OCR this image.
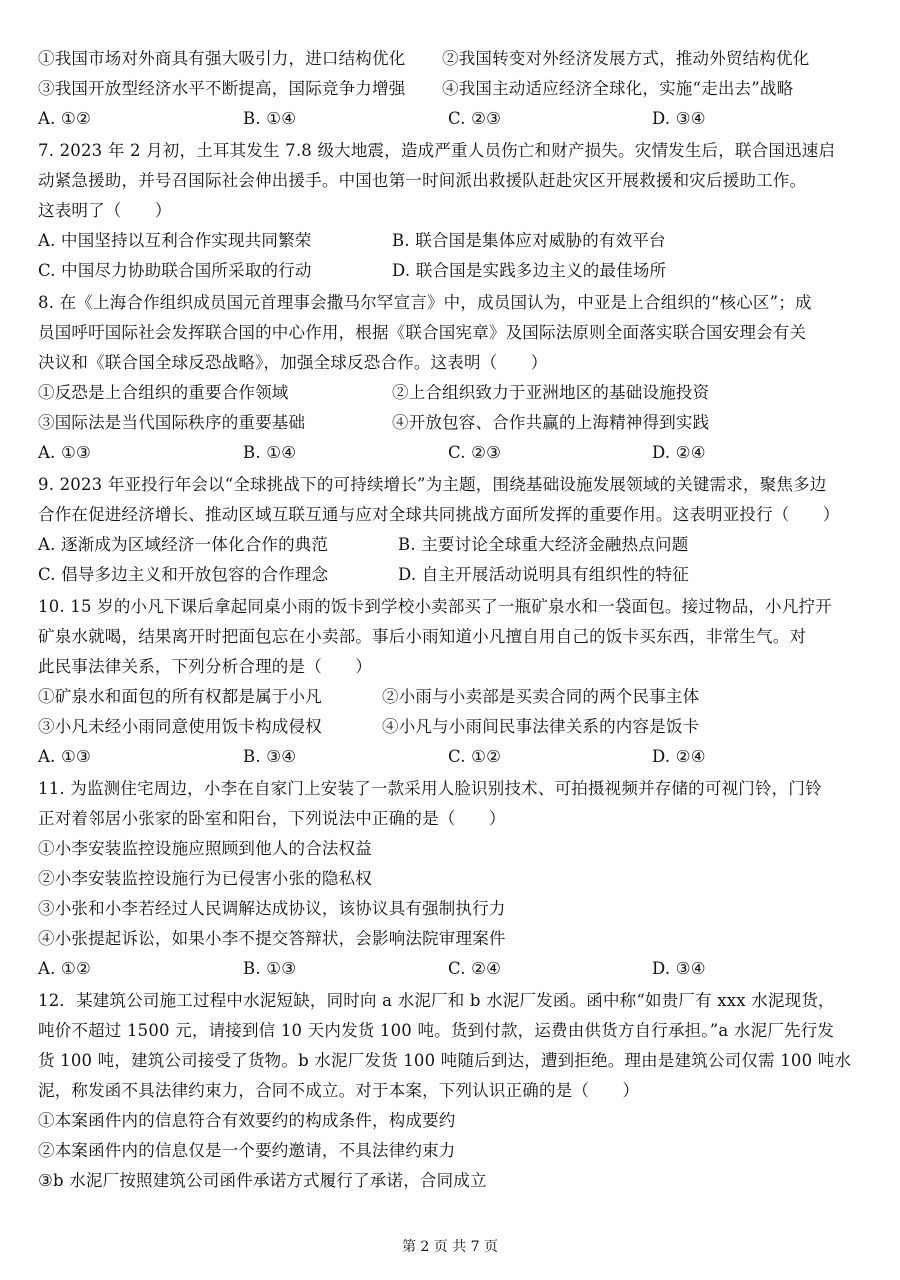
①我国市场对外商具有强大吸引力，进口结构优化 ②我国转变对外经济发展方式，推动外贸结构优化
③我国开放型经济水平不断提高，国际竞争力增强 ④我国主动适应经济全球化，实施“走出去”战略
A. ①②	B. ①④	C. ②③	D. ③④
7. 2023 年 2 月初，土耳其发生 7.8 级大地震，造成严重人员伤亡和财产损失。灾情发生后，联合国迅速启
动紧急援助，并号召国际社会伸出援手。中国也第一时间派出救援队赶赴灾区开展救援和灾后援助工作。
这表明了（　　）
A. 中国坚持以互利合作实现共同繁荣	B. 联合国是集体应对威胁的有效平台
C. 中国尽力协助联合国所采取的行动	D. 联合国是实践多边主义的最佳场所
8. 在《上海合作组织成员国元首理事会撒马尔罕宣言》中，成员国认为，中亚是上合组织的“核心区”；成
员国呼吁国际社会发挥联合国的中心作用，根据《联合国宪章》及国际法原则全面落实联合国安理会有关
决议和《联合国全球反恐战略》，加强全球反恐合作。这表明（　　）
①反恐是上合组织的重要合作领域	②上合组织致力于亚洲地区的基础设施投资
③国际法是当代国际秩序的重要基础	④开放包容、合作共赢的上海精神得到实践
A. ①③	B. ①④	C. ②③	D. ②④
9. 2023 年亚投行年会以“全球挑战下的可持续增长”为主题，围绕基础设施发展领域的关键需求，聚焦多边
合作在促进经济增长、推动区域互联互通与应对全球共同挑战方面所发挥的重要作用。这表明亚投行（　　）
A. 逐渐成为区域经济一体化合作的典范	B. 主要讨论全球重大经济金融热点问题
C. 倡导多边主义和开放包容的合作理念	D. 自主开展活动说明具有组织性的特征
10. 15 岁的小凡下课后拿起同桌小雨的饭卡到学校小卖部买了一瓶矿泉水和一袋面包。接过物品，小凡拧开
矿泉水就喝，结果离开时把面包忘在小卖部。事后小雨知道小凡擅自用自己的饭卡买东西，非常生气。对
此民事法律关系，下列分析合理的是（　　）
①矿泉水和面包的所有权都是属于小凡	②小雨与小卖部是买卖合同的两个民事主体
③小凡未经小雨同意使用饭卡构成侵权	④小凡与小雨间民事法律关系的内容是饭卡
A. ①③	B. ③④	C. ①②	D. ②④
11. 为监测住宅周边，小李在自家门上安装了一款采用人脸识别技术、可拍摄视频并存储的可视门铃，门铃
正对着邻居小张家的卧室和阳台，下列说法中正确的是（　　）
①小李安装监控设施应照顾到他人的合法权益
②小李安装监控设施行为已侵害小张的隐私权
③小张和小李若经过人民调解达成协议，该协议具有强制执行力
④小张提起诉讼，如果小李不提交答辩状，会影响法院审理案件
A. ①②	B. ①③	C. ②④	D. ③④
12．某建筑公司施工过程中水泥短缺，同时向 a 水泥厂和 b 水泥厂发函。函中称“如贵厂有 xxx 水泥现货，
吨价不超过 1500 元，请接到信 10 天内发货 100 吨。货到付款，运费由供货方自行承担。”a 水泥厂先行发
货 100 吨，建筑公司接受了货物。b 水泥厂发货 100 吨随后到达，遭到拒绝。理由是建筑公司仅需 100 吨水
泥，称发函不具法律约束力，合同不成立。对于本案，下列认识正确的是（　　）
①本案函件内的信息符合有效要约的构成条件，构成要约
②本案函件内的信息仅是一个要约邀请，不具法律约束力
③b 水泥厂按照建筑公司函件承诺方式履行了承诺，合同成立
第 2 页 共 7 页
